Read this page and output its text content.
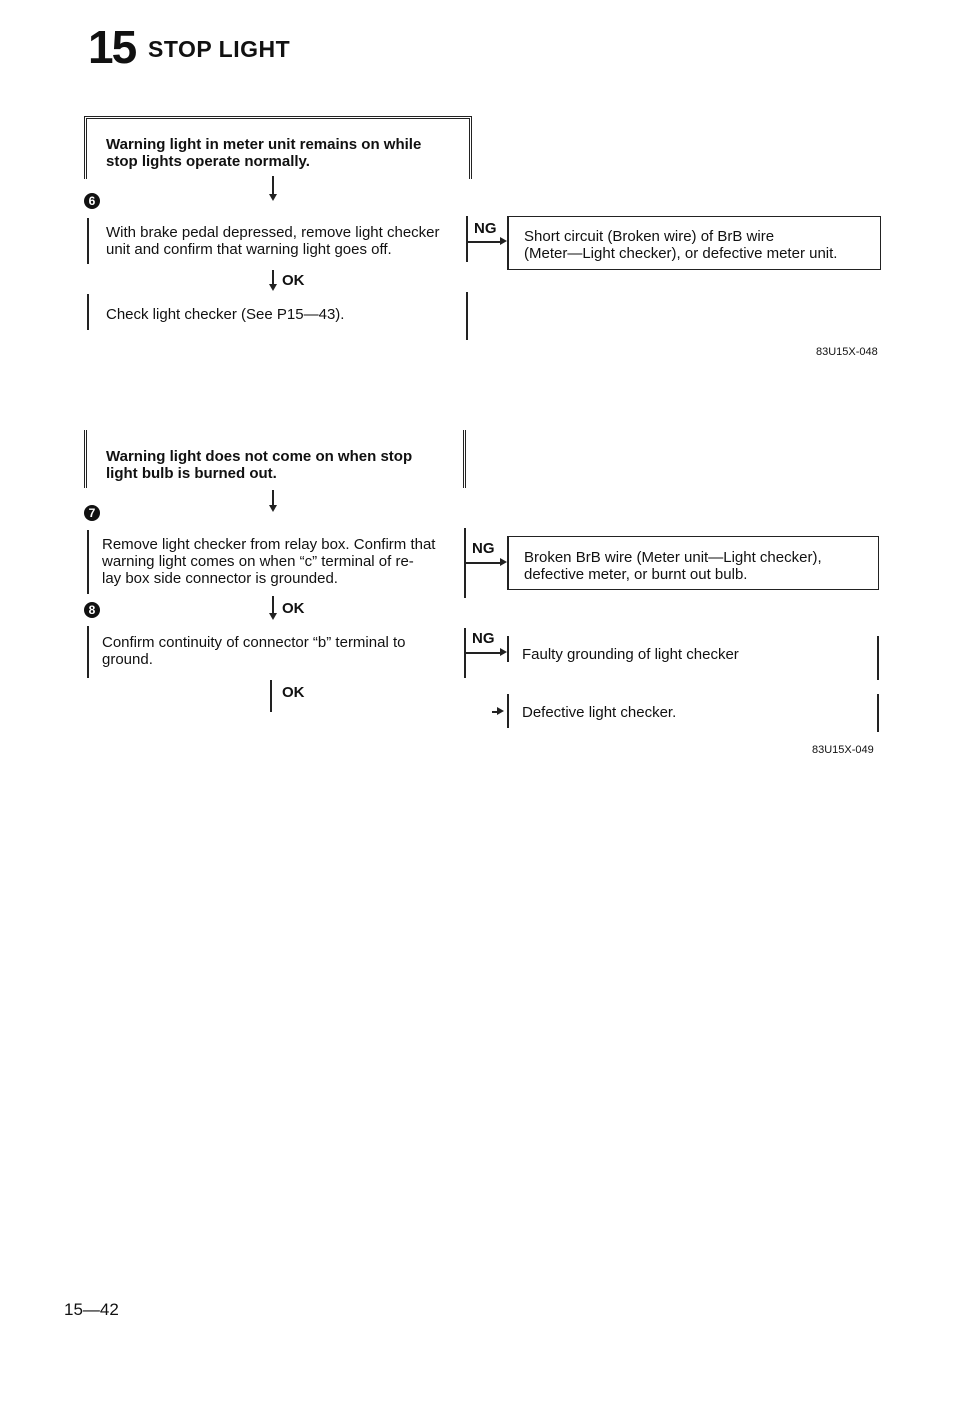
15 STOP LIGHT
Warning light in meter unit remains on while
stop lights operate normally.
6
With brake pedal depressed, remove light checker
unit and confirm that warning light goes off.
NG Short circuit (Broken wire) of BrB wire
(Meter—Light checker), or defective meter unit.
OK
Check light checker (See P15—43).
83U15X-048
Warning light does not come on when stop
light bulb is burned out.
7
Remove light checker from relay box. Confirm that
warning light comes on when “c” terminal of re-
lay box side connector is grounded.
NG
Broken BrB wire (Meter unit—Light checker),
defective meter, or burnt out bulb.
OK
8
Confirm continuity of connector “b” terminal to
ground.
NG
Faulty grounding of light checker
OK
Defective light checker.
83U15X-049
15—42
